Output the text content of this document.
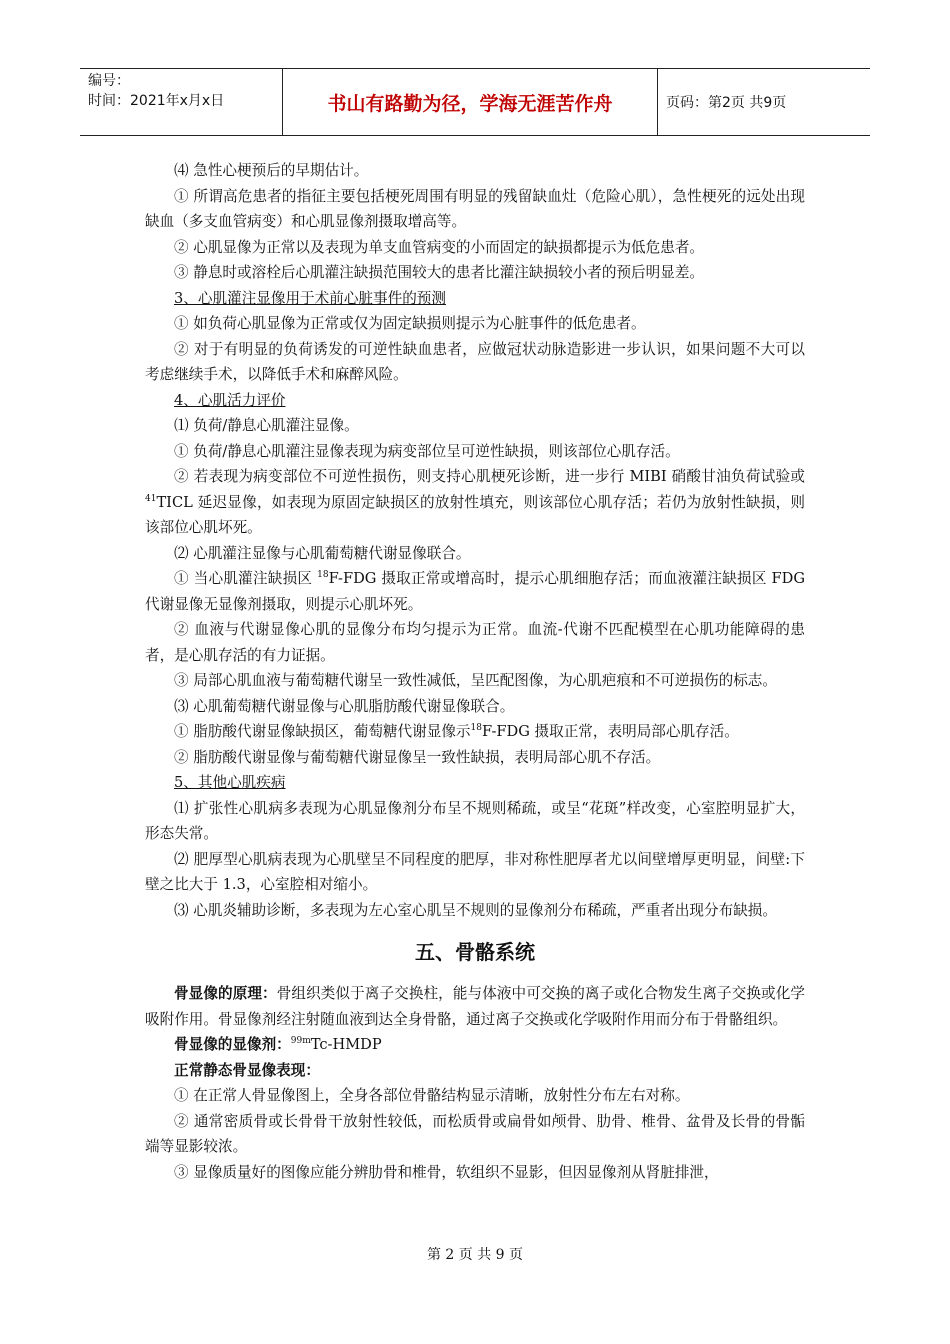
编号：
时间：2021年x月x日	书山有路勤为径，学海无涯苦作舟	页码：第2页 共9页

⑷ 急性心梗预后的早期估计。

① 所谓高危患者的指征主要包括梗死周围有明显的残留缺血灶（危险心肌），急性梗死的远处出现缺血（多支血管病变）和心肌显像剂摄取增高等。

② 心肌显像为正常以及表现为单支血管病变的小而固定的缺损都提示为低危患者。

③ 静息时或溶栓后心肌灌注缺损范围较大的患者比灌注缺损较小者的预后明显差。

3、心肌灌注显像用于术前心脏事件的预测

① 如负荷心肌显像为正常或仅为固定缺损则提示为心脏事件的低危患者。

② 对于有明显的负荷诱发的可逆性缺血患者，应做冠状动脉造影进一步认识，如果问题不大可以考虑继续手术，以降低手术和麻醉风险。

4、心肌活力评价

⑴ 负荷/静息心肌灌注显像。

① 负荷/静息心肌灌注显像表现为病变部位呈可逆性缺损，则该部位心肌存活。

② 若表现为病变部位不可逆性损伤，则支持心肌梗死诊断，进一步行 MIBI 硝酸甘油负荷试验或 $^{41}$TICL 延迟显像，如表现为原固定缺损区的放射性填充，则该部位心肌存活；若仍为放射性缺损，则该部位心肌坏死。

⑵ 心肌灌注显像与心肌葡萄糖代谢显像联合。

① 当心肌灌注缺损区 $^{18}$F-FDG 摄取正常或增高时，提示心肌细胞存活；而血液灌注缺损区 FDG 代谢显像无显像剂摄取，则提示心肌坏死。

② 血液与代谢显像心肌的显像分布均匀提示为正常。血流-代谢不匹配模型在心肌功能障碍的患者，是心肌存活的有力证据。

③ 局部心肌血液与葡萄糖代谢呈一致性减低，呈匹配图像，为心肌疤痕和不可逆损伤的标志。

⑶ 心肌葡萄糖代谢显像与心肌脂肪酸代谢显像联合。

① 脂肪酸代谢显像缺损区，葡萄糖代谢显像示$^{18}$F-FDG 摄取正常，表明局部心肌存活。

② 脂肪酸代谢显像与葡萄糖代谢显像呈一致性缺损，表明局部心肌不存活。

5、其他心肌疾病

⑴ 扩张性心肌病多表现为心肌显像剂分布呈不规则稀疏，或呈“花斑”样改变，心室腔明显扩大，形态失常。

⑵ 肥厚型心肌病表现为心肌壁呈不同程度的肥厚，非对称性肥厚者尤以间壁增厚更明显，间壁:下壁之比大于 1.3，心室腔相对缩小。

⑶ 心肌炎辅助诊断，多表现为左心室心肌呈不规则的显像剂分布稀疏，严重者出现分布缺损。

五、骨骼系统

骨显像的原理：骨组织类似于离子交换柱，能与体液中可交换的离子或化合物发生离子交换或化学吸附作用。骨显像剂经注射随血液到达全身骨骼，通过离子交换或化学吸附作用而分布于骨骼组织。

骨显像的显像剂：$^{99m}$Tc-HMDP

正常静态骨显像表现：

① 在正常人骨显像图上，全身各部位骨骼结构显示清晰，放射性分布左右对称。

② 通常密质骨或长骨骨干放射性较低，而松质骨或扁骨如颅骨、肋骨、椎骨、盆骨及长骨的骨骺端等显影较浓。

③ 显像质量好的图像应能分辨肋骨和椎骨，软组织不显影，但因显像剂从肾脏排泄，

第 2 页 共 9 页
